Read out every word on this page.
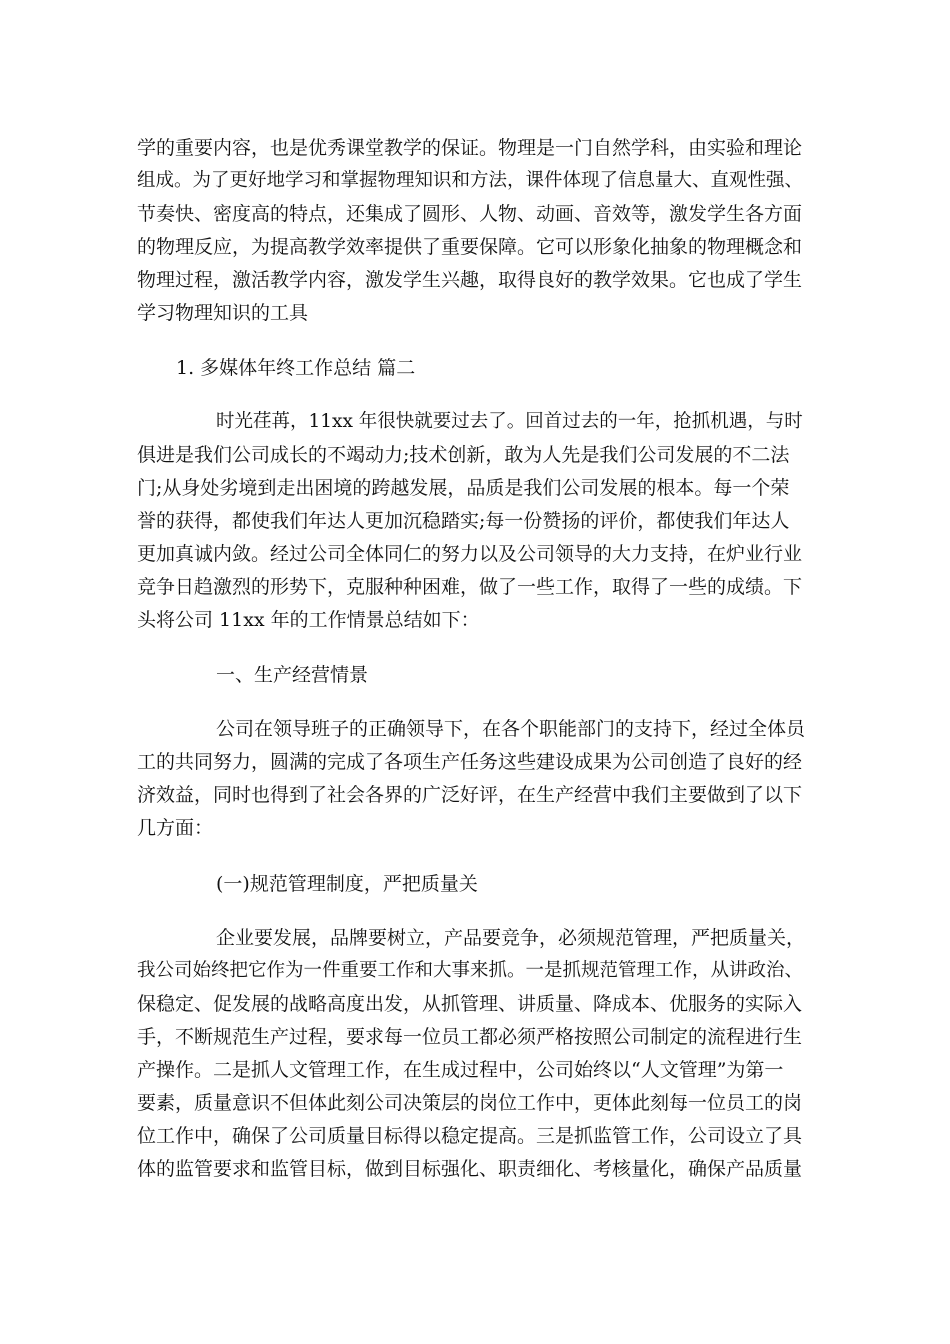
学的重要内容，也是优秀课堂教学的保证。物理是一门自然学科，由实验和理论

组成。为了更好地学习和掌握物理知识和方法，课件体现了信息量大、直观性强、

节奏快、密度高的特点，还集成了圆形、人物、动画、音效等，激发学生各方面

的物理反应，为提高教学效率提供了重要保障。它可以形象化抽象的物理概念和

物理过程，激活教学内容，激发学生兴趣，取得良好的教学效果。它也成了学生

学习物理知识的工具

1. 多媒体年终工作总结 篇二

时光荏苒，11xx 年很快就要过去了。回首过去的一年，抢抓机遇，与时

俱进是我们公司成长的不竭动力;技术创新，敢为人先是我们公司发展的不二法

门;从身处劣境到走出困境的跨越发展，品质是我们公司发展的根本。每一个荣

誉的获得，都使我们年达人更加沉稳踏实;每一份赞扬的评价，都使我们年达人

更加真诚内敛。经过公司全体同仁的努力以及公司领导的大力支持，在炉业行业

竞争日趋激烈的形势下，克服种种困难，做了一些工作，取得了一些的成绩。下

头将公司 11xx 年的工作情景总结如下：

一、生产经营情景

公司在领导班子的正确领导下，在各个职能部门的支持下，经过全体员

工的共同努力，圆满的完成了各项生产任务这些建设成果为公司创造了良好的经

济效益，同时也得到了社会各界的广泛好评，在生产经营中我们主要做到了以下

几方面：

(一)规范管理制度，严把质量关

企业要发展，品牌要树立，产品要竞争，必须规范管理，严把质量关，

我公司始终把它作为一件重要工作和大事来抓。一是抓规范管理工作，从讲政治、

保稳定、促发展的战略高度出发，从抓管理、讲质量、降成本、优服务的实际入

手，不断规范生产过程，要求每一位员工都必须严格按照公司制定的流程进行生

产操作。二是抓人文管理工作，在生成过程中，公司始终以“人文管理”为第一

要素，质量意识不但体此刻公司决策层的岗位工作中，更体此刻每一位员工的岗

位工作中，确保了公司质量目标得以稳定提高。三是抓监管工作，公司设立了具

体的监管要求和监管目标，做到目标强化、职责细化、考核量化，确保产品质量
